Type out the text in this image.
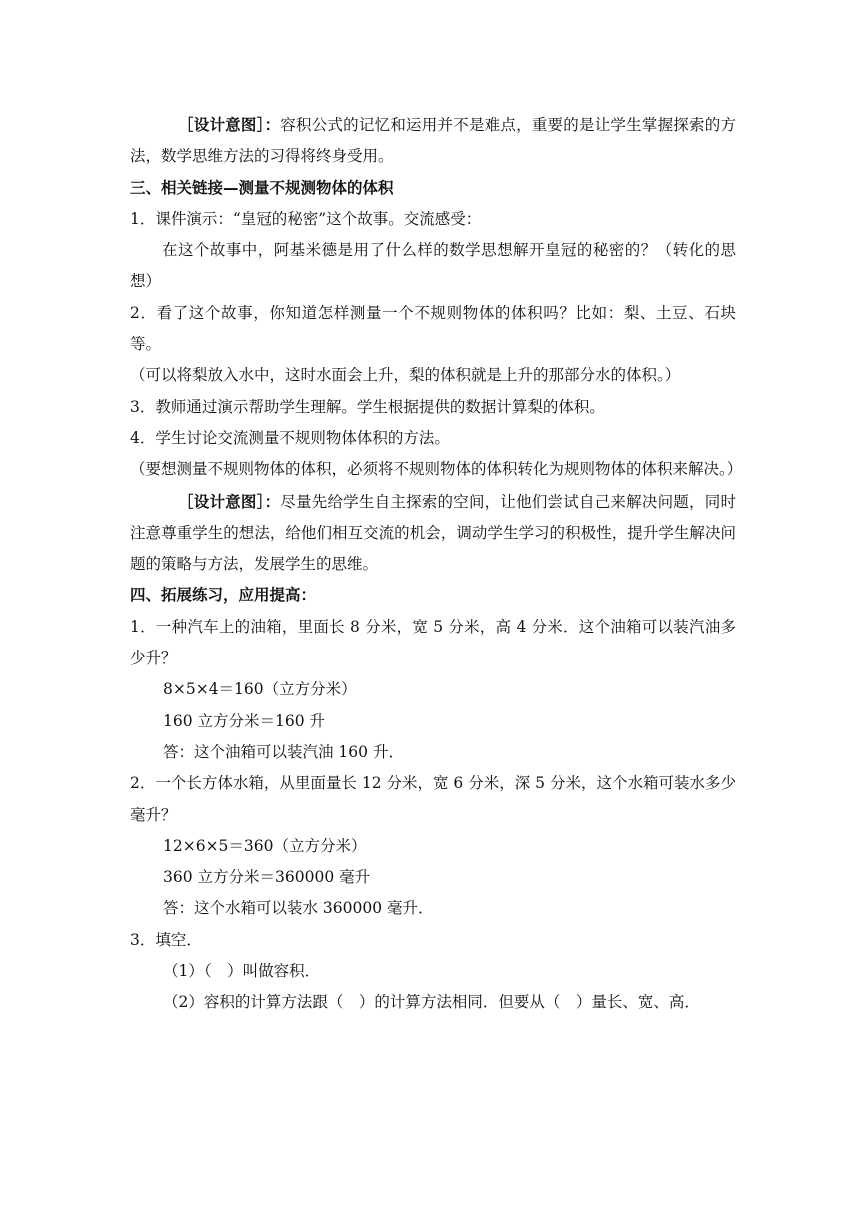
［设计意图］：容积公式的记忆和运用并不是难点，重要的是让学生掌握探索的方法，数学思维方法的习得将终身受用。

三、相关链接—测量不规测物体的体积

1．课件演示：“皇冠的秘密”这个故事。交流感受：

在这个故事中，阿基米德是用了什么样的数学思想解开皇冠的秘密的？（转化的思想）

2．看了这个故事，你知道怎样测量一个不规则物体的体积吗？比如：梨、土豆、石块等。

（可以将梨放入水中，这时水面会上升，梨的体积就是上升的那部分水的体积。）

3．教师通过演示帮助学生理解。学生根据提供的数据计算梨的体积。

4．学生讨论交流测量不规则物体体积的方法。

（要想测量不规则物体的体积，必须将不规则物体的体积转化为规则物体的体积来解决。）

［设计意图］：尽量先给学生自主探索的空间，让他们尝试自己来解决问题，同时注意尊重学生的想法，给他们相互交流的机会，调动学生学习的积极性，提升学生解决问题的策略与方法，发展学生的思维。

四、拓展练习，应用提高：

1．一种汽车上的油箱，里面长 8 分米，宽 5 分米，高 4 分米．这个油箱可以装汽油多少升？

8×5×4＝160（立方分米）

160 立方分米＝160 升

答：这个油箱可以装汽油 160 升．

2．一个长方体水箱，从里面量长 12 分米，宽 6 分米，深 5 分米，这个水箱可装水多少毫升？

12×6×5＝360（立方分米）

360 立方分米＝360000 毫升

答：这个水箱可以装水 360000 毫升．

3．填空．

（1）（　）叫做容积．

（2）容积的计算方法跟（　）的计算方法相同．但要从（　）量长、宽、高．
